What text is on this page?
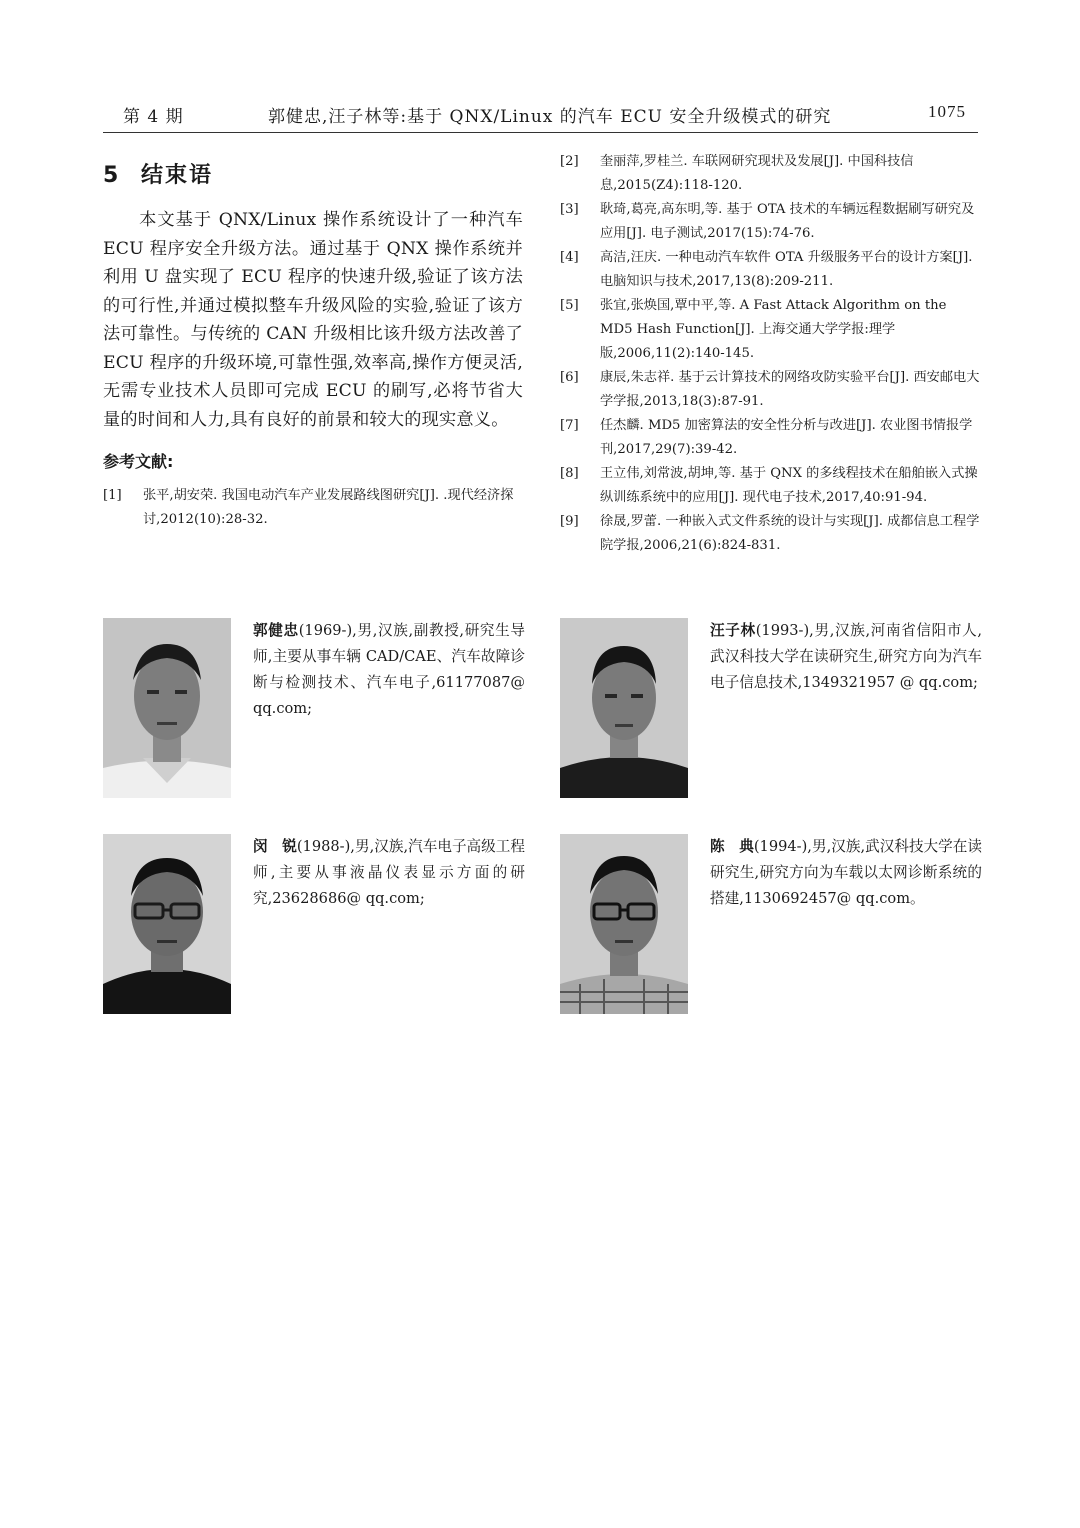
第 4 期	郭健忠,汪子林等:基于 QNX/Linux 的汽车 ECU 安全升级模式的研究	1075
5 结束语

本文基于 QNX/Linux 操作系统设计了一种汽车 ECU 程序安全升级方法。通过基于 QNX 操作系统并利用 U 盘实现了 ECU 程序的快速升级,验证了该方法的可行性,并通过模拟整车升级风险的实验,验证了该方法可靠性。与传统的 CAN 升级相比该升级方法改善了 ECU 程序的升级环境,可靠性强,效率高,操作方便灵活,无需专业技术人员即可完成 ECU 的刷写,必将节省大量的时间和人力,具有良好的前景和较大的现实意义。

参考文献:
[1] 张平,胡安荣. 我国电动汽车产业发展路线图研究[J]. .现代经济探讨,2012(10):28-32.
[2] 奎丽萍,罗桂兰. 车联网研究现状及发展[J]. 中国科技信息,2015(Z4):118-120.
[3] 耿琦,葛亮,高东明,等. 基于 OTA 技术的车辆远程数据刷写研究及应用[J]. 电子测试,2017(15):74-76.
[4] 高洁,汪庆. 一种电动汽车软件 OTA 升级服务平台的设计方案[J]. 电脑知识与技术,2017,13(8):209-211.
[5] 张宜,张焕国,覃中平,等. A Fast Attack Algorithm on the MD5 Hash Function[J]. 上海交通大学学报:理学版,2006,11(2):140-145.
[6] 康辰,朱志祥. 基于云计算技术的网络攻防实验平台[J]. 西安邮电大学学报,2013,18(3):87-91.
[7] 任杰麟. MD5 加密算法的安全性分析与改进[J]. 农业图书情报学刊,2017,29(7):39-42.
[8] 王立伟,刘常波,胡坤,等. 基于 QNX 的多线程技术在船舶嵌入式操纵训练系统中的应用[J]. 现代电子技术,2017,40:91-94.
[9] 徐晟,罗蕾. 一种嵌入式文件系统的设计与实现[J]. 成都信息工程学院学报,2006,21(6):824-831.
郭健忠(1969-),男,汉族,副教授,研究生导师,主要从事车辆 CAD/CAE、汽车故障诊断与检测技术、汽车电子,61177087@ qq.com;
汪子林(1993-),男,汉族,河南省信阳市人,武汉科技大学在读研究生,研究方向为汽车电子信息技术,1349321957 @ qq.com;
闵　锐(1988-),男,汉族,汽车电子高级工程师,主要从事液晶仪表显示方面的研究,23628686@ qq.com;
陈　典(1994-),男,汉族,武汉科技大学在读研究生,研究方向为车载以太网诊断系统的搭建,1130692457@ qq.com。
